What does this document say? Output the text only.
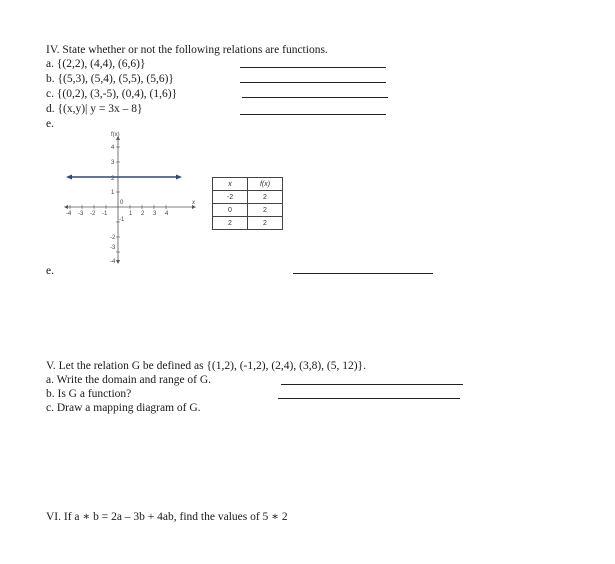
IV. State whether or not the following relations are functions.
a. {(2,2), (4,4), (6,6)}
b. {(5,3), (5,4), (5,5), (5,6)}
c. {(0,2), (3,-5), (0,4), (1,6)}
d. {(x,y)| y = 3x – 8}
e.
f(x)
x
0
1 2 3 4
-4 -3 -2 -1
4
3
2
1
-1
-2
-3
-4
x	f(x)
-2	2
0	2
2	2
e.
V. Let the relation G be defined as {(1,2), (-1,2), (2,4), (3,8), (5, 12)}.
a. Write the domain and range of G.
b. Is G a function?
c. Draw a mapping diagram of G.
VI. If a ∗ b = 2a – 3b + 4ab, find the values of 5 ∗ 2
